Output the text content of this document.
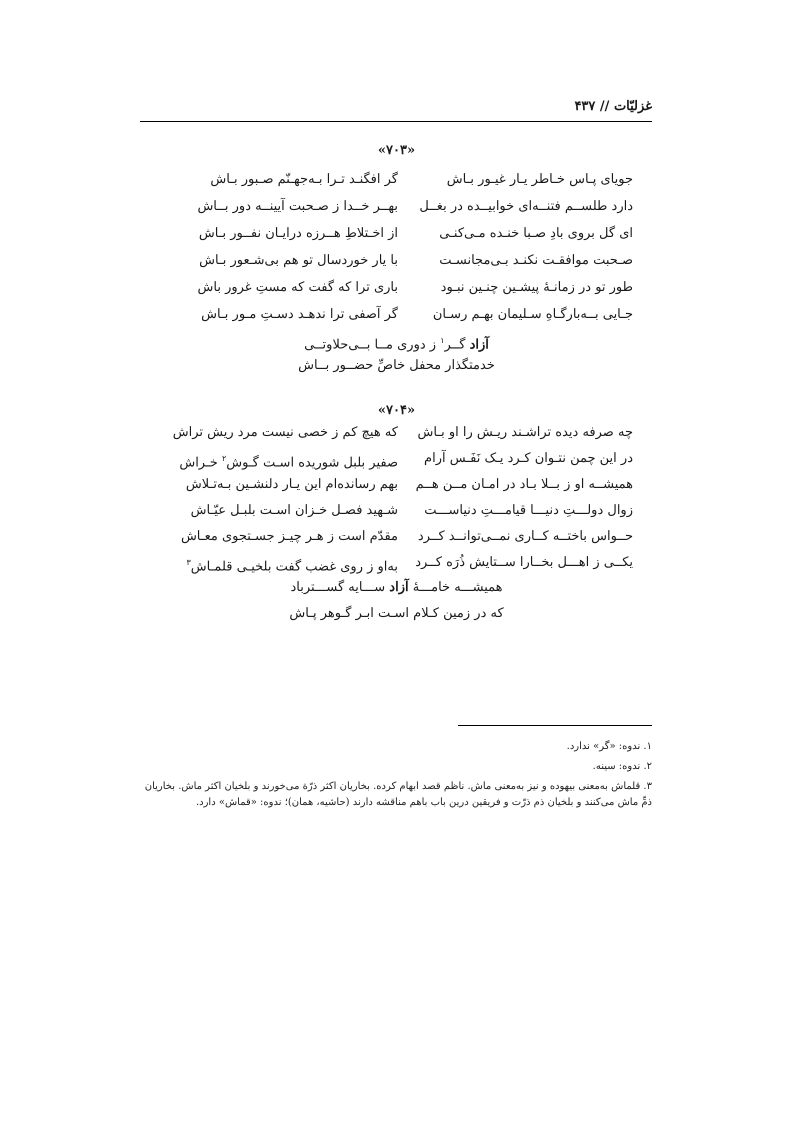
غزلیّات // ۴۳۷
«۷۰۳»
جویای پـاس خـاطر یـار غیـور بـاش
گر افگنـد تـرا بـه‌جهـنّم صـبور بـاش
دارد طلســم فتنــه‌ای خوابیــده در بغــل
بهــر خــدا ز صـحبت آیینــه دور بــاش
ای گل بروی بادِ صـبا خنـده مـی‌کنـی
از اخـتلاطِ هــرزه درایـان نفــور بـاش
صـحبت موافقـت نکنـد بـی‌مجانسـت
با یار خوردسال تو هم بی‌شـعور بـاش
طور تو در زمانـهٔ پیشـین چنـین نبـود
باری ترا که گفت که مستِ غرور باش
جـایی بــه‌بارگـاهِ سـلیمان بهـم رسـان
گر آصفی ترا ندهـد دسـتِ مـور بـاش
آزاد گــر$^۱$ ز دوری مــا بــی‌حلاوتــی
خدمتگذار محفل خاصِّ حضــور بــاش
«۷۰۴»
چه صرفه دیده تراشـند ریـش را او بـاش
که هیچ کم ز خصی نیست مرد ریش تراش
در این چمن نتـوان کـرد یـک نَفَـس آرام
صفیر بلبل شوریده اسـت گـوش$^۲$ خـراش
همیشــه او ز بــلا بـاد در امـان مــن هــم
بهم رسانده‌ام این یـار دلنشـین بـه‌تـلاش
زوال دولـــتِ دنیـــا قیامـــتِ دنیاســـت
شـهید فصـل خـزان اسـت بلبـل عیّـاش
حــواس باختــه کــاری نمــی‌توانــد کــرد
مقدّم است ز هـر چیـز جسـتجوی معـاش
یکــی ز اهـــل بخــارا ســتایش ذُرَه کــرد
به‌او ز روی غضب گفت بلخیـی قلمـاش$^۳$
همیشـــه خامـــهٔ آزاد ســـایه گســـترباد
که در زمین کـلام اسـت ابـر گـوهر پـاش
۱. ندوه: «گر» ندارد.
۲. ندوه: سینه.
۳. قلماش به‌معنی بیهوده و نیز به‌معنی ماش. ناظم قصد ابهام کرده. بخاریان اکثر ذرّة می‌خورند و بلخیان اکثر ماش. بخاریان ذمِّ ماش می‌کنند و بلخیان ذم ذرّت و فریقین درین باب باهم مناقشه دارند (حاشیه، همان)؛ ندوه: «قماش» دارد.
